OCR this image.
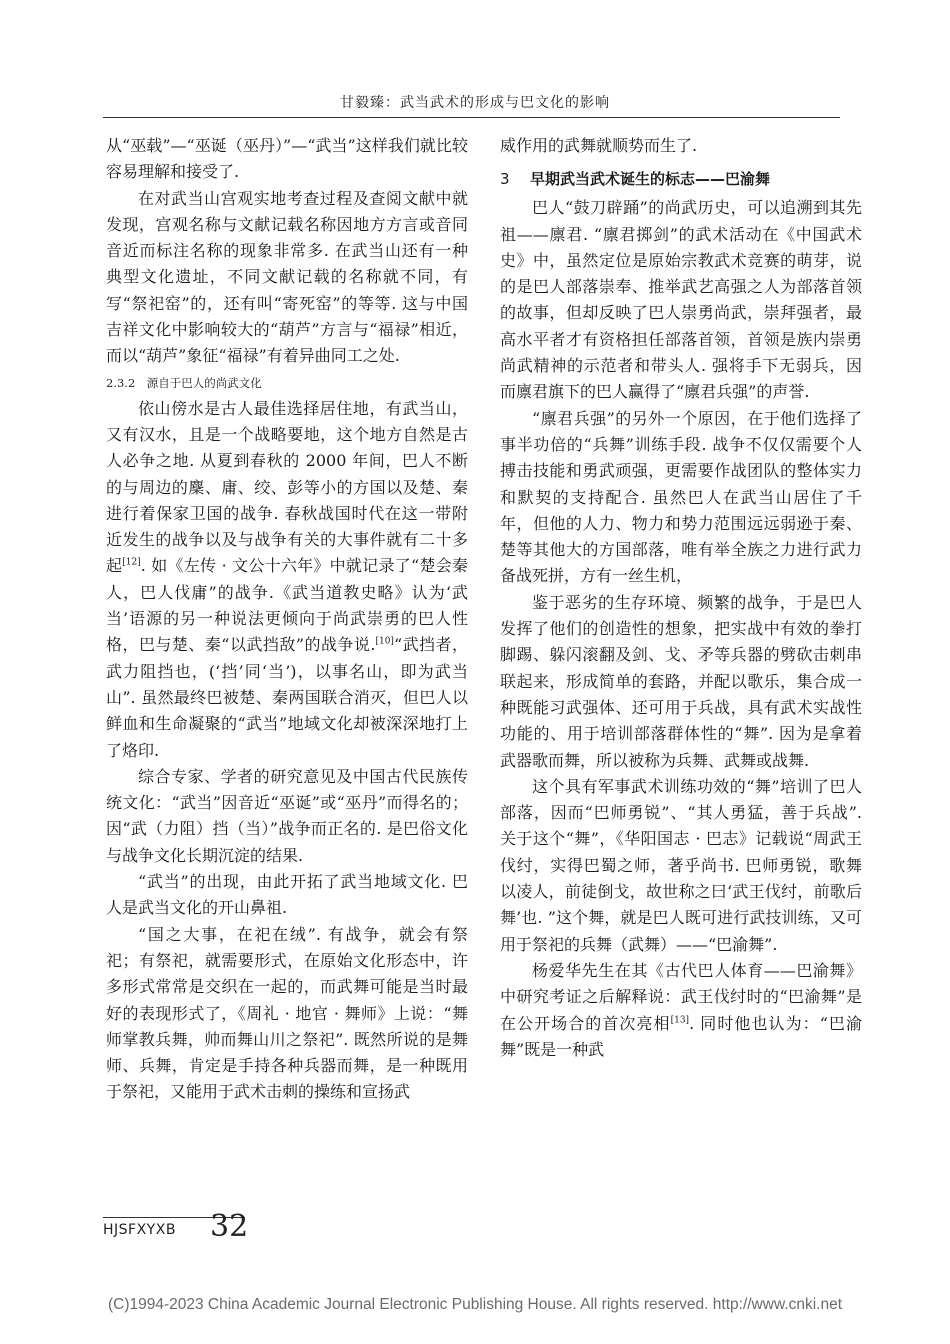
甘毅臻：武当武术的形成与巴文化的影响

从“巫载”—“巫诞（巫丹）”—“武当”这样我们就比较容易理解和接受了.

在对武当山宫观实地考查过程及查阅文献中就发现，宫观名称与文献记载名称因地方方言或音同音近而标注名称的现象非常多. 在武当山还有一种典型文化遗址，不同文献记载的名称就不同，有写“祭祀窑”的，还有叫“寄死窑”的等等. 这与中国吉祥文化中影响较大的“葫芦”方言与“福禄”相近，而以“葫芦”象征“福禄”有着异曲同工之处.

2.3.2　源自于巴人的尚武文化

依山傍水是古人最佳选择居住地，有武当山，又有汉水，且是一个战略要地，这个地方自然是古人必争之地. 从夏到春秋的 2000 年间，巴人不断的与周边的麇、庸、绞、彭等小的方国以及楚、秦进行着保家卫国的战争. 春秋战国时代在这一带附近发生的战争以及与战争有关的大事件就有二十多起[12]. 如《左传 · 文公十六年》中就记录了“楚会秦人，巴人伐庸”的战争.《武当道教史略》认为‘武当’语源的另一种说法更倾向于尚武崇勇的巴人性格，巴与楚、秦“以武挡敌”的战争说.[10]“武挡者，武力阻挡也，(‘挡’同‘当’)，以事名山，即为武当山”. 虽然最终巴被楚、秦两国联合消灭，但巴人以鲜血和生命凝聚的“武当”地域文化却被深深地打上了烙印.

综合专家、学者的研究意见及中国古代民族传统文化：“武当”因音近“巫诞”或“巫丹”而得名的；因“武（力阻）挡（当）”战争而正名的. 是巴俗文化与战争文化长期沉淀的结果.

“武当”的出现，由此开拓了武当地域文化. 巴人是武当文化的开山鼻祖.

“国之大事，在祀在绒”. 有战争，就会有祭祀；有祭祀，就需要形式，在原始文化形态中，许多形式常常是交织在一起的，而武舞可能是当时最好的表现形式了，《周礼 · 地官 · 舞师》上说：“舞师掌教兵舞，帅而舞山川之祭祀”. 既然所说的是舞师、兵舞，肯定是手持各种兵器而舞，是一种既用于祭祀，又能用于武术击刺的操练和宣扬武

威作用的武舞就顺势而生了.

3 早期武当武术诞生的标志——巴渝舞

巴人“鼓刀辟踊”的尚武历史，可以追溯到其先祖——廪君. “廪君掷剑”的武术活动在《中国武术史》中，虽然定位是原始宗教武术竞赛的萌芽，说的是巴人部落崇奉、推举武艺高强之人为部落首领的故事，但却反映了巴人崇勇尚武，崇拜强者，最高水平者才有资格担任部落首领，首领是族内崇勇尚武精神的示范者和带头人. 强将手下无弱兵，因而廪君旗下的巴人赢得了“廪君兵强”的声誉.

“廪君兵强”的另外一个原因，在于他们选择了事半功倍的“兵舞”训练手段. 战争不仅仅需要个人搏击技能和勇武顽强，更需要作战团队的整体实力和默契的支持配合. 虽然巴人在武当山居住了千年，但他的人力、物力和势力范围远远弱逊于秦、楚等其他大的方国部落，唯有举全族之力进行武力备战死拼，方有一丝生机，

鉴于恶劣的生存环境、频繁的战争，于是巴人发挥了他们的创造性的想象，把实战中有效的拳打脚踢、躲闪滚翻及剑、戈、矛等兵器的劈砍击刺串联起来，形成简单的套路，并配以歌乐，集合成一种既能习武强体、还可用于兵战，具有武术实战性功能的、用于培训部落群体性的“舞”. 因为是拿着武器歌而舞，所以被称为兵舞、武舞或战舞.

这个具有军事武术训练功效的“舞”培训了巴人部落，因而“巴师勇锐”、“其人勇猛，善于兵战”. 关于这个“舞”，《华阳国志 · 巴志》记载说“周武王伐纣，实得巴蜀之师，著乎尚书. 巴师勇锐，歌舞以凌人，前徒倒戈，故世称之曰‘武王伐纣，前歌后舞’也. ”这个舞，就是巴人既可进行武技训练，又可用于祭祀的兵舞（武舞）——“巴渝舞”.

杨爱华先生在其《古代巴人体育——巴渝舞》中研究考证之后解释说：武王伐纣时的“巴渝舞”是在公开场合的首次亮相[13]. 同时他也认为：“巴渝舞”既是一种武

HJSFXYXB 32
(C)1994-2023 China Academic Journal Electronic Publishing House. All rights reserved. http://www.cnki.net
